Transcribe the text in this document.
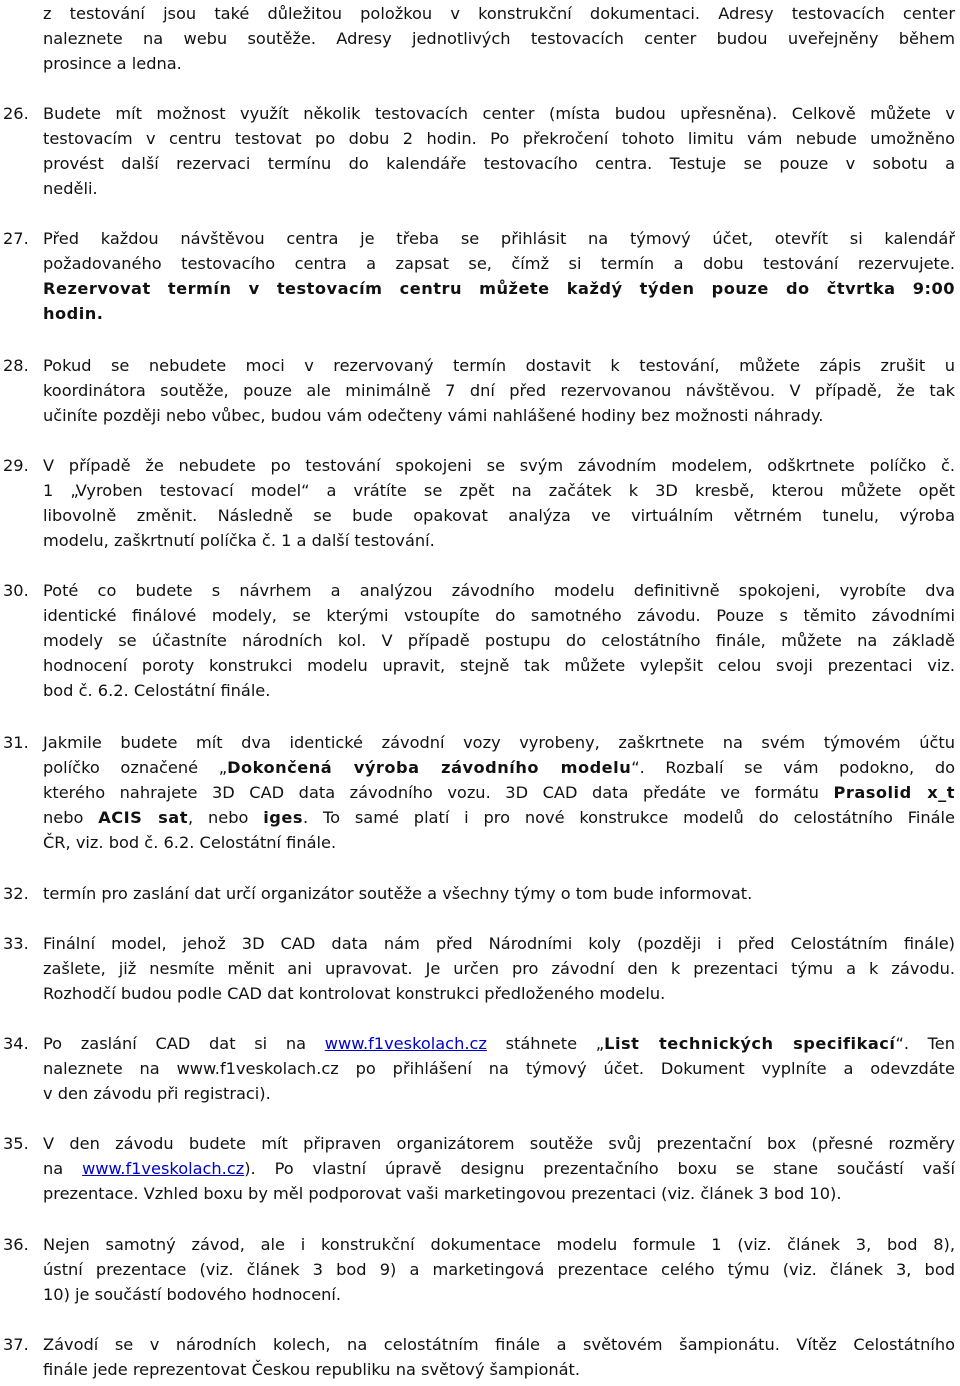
z testování jsou také důležitou položkou v konstrukční dokumentaci. Adresy testovacích center
naleznete na webu soutěže. Adresy jednotlivých testovacích center budou uveřejněny během
prosince a ledna.
26. Budete mít možnost využít několik testovacích center (místa budou upřesněna). Celkově můžete v
testovacím v centru testovat po dobu 2 hodin. Po překročení tohoto limitu vám nebude umožněno
provést další rezervaci termínu do kalendáře testovacího centra. Testuje se pouze v sobotu a
neděli.
27. Před každou návštěvou centra je třeba se přihlásit na týmový účet, otevřít si kalendář
požadovaného testovacího centra a zapsat se, čímž si termín a dobu testování rezervujete.
Rezervovat termín v testovacím centru můžete každý týden pouze do čtvrtka 9:00
hodin.
28. Pokud se nebudete moci v rezervovaný termín dostavit k testování, můžete zápis zrušit u
koordinátora soutěže, pouze ale minimálně 7 dní před rezervovanou návštěvou. V případě, že tak
učiníte později nebo vůbec, budou vám odečteny vámi nahlášené hodiny bez možnosti náhrady.
29. V případě že nebudete po testování spokojeni se svým závodním modelem, odškrtnete políčko č.
1 „Vyroben testovací model“ a vrátíte se zpět na začátek k 3D kresbě, kterou můžete opět
libovolně změnit. Následně se bude opakovat analýza ve virtuálním větrném tunelu, výroba
modelu, zaškrtnutí políčka č. 1 a další testování.
30. Poté co budete s návrhem a analýzou závodního modelu definitivně spokojeni, vyrobíte dva
identické finálové modely, se kterými vstoupíte do samotného závodu. Pouze s těmito závodními
modely se účastníte národních kol. V případě postupu do celostátního finále, můžete na základě
hodnocení poroty konstrukci modelu upravit, stejně tak můžete vylepšit celou svoji prezentaci viz.
bod č. 6.2. Celostátní finále.
31. Jakmile budete mít dva identické závodní vozy vyrobeny, zaškrtnete na svém týmovém účtu
políčko označené „Dokončená výroba závodního modelu“. Rozbalí se vám podokno, do
kterého nahrajete 3D CAD data závodního vozu. 3D CAD data předáte ve formátu Prasolid x_t
nebo ACIS sat, nebo iges. To samé platí i pro nové konstrukce modelů do celostátního Finále
ČR, viz. bod č. 6.2. Celostátní finále.
32. termín pro zaslání dat určí organizátor soutěže a všechny týmy o tom bude informovat.
33. Finální model, jehož 3D CAD data nám před Národními koly (později i před Celostátním finále)
zašlete, již nesmíte měnit ani upravovat. Je určen pro závodní den k prezentaci týmu a k závodu.
Rozhodčí budou podle CAD dat kontrolovat konstrukci předloženého modelu.
34. Po zaslání CAD dat si na www.f1veskolach.cz stáhnete „List technických specifikací“. Ten
naleznete na www.f1veskolach.cz po přihlášení na týmový účet. Dokument vyplníte a odevzdáte
v den závodu při registraci).
35. V den závodu budete mít připraven organizátorem soutěže svůj prezentační box (přesné rozměry
na www.f1veskolach.cz). Po vlastní úpravě designu prezentačního boxu se stane součástí vaší
prezentace. Vzhled boxu by měl podporovat vaši marketingovou prezentaci (viz. článek 3 bod 10).
36. Nejen samotný závod, ale i konstrukční dokumentace modelu formule 1 (viz. článek 3, bod 8),
ústní prezentace (viz. článek 3 bod 9) a marketingová prezentace celého týmu (viz. článek 3, bod
10) je součástí bodového hodnocení.
37. Závodí se v národních kolech, na celostátním finále a světovém šampionátu. Vítěz Celostátního
finále jede reprezentovat Českou republiku na světový šampionát.
